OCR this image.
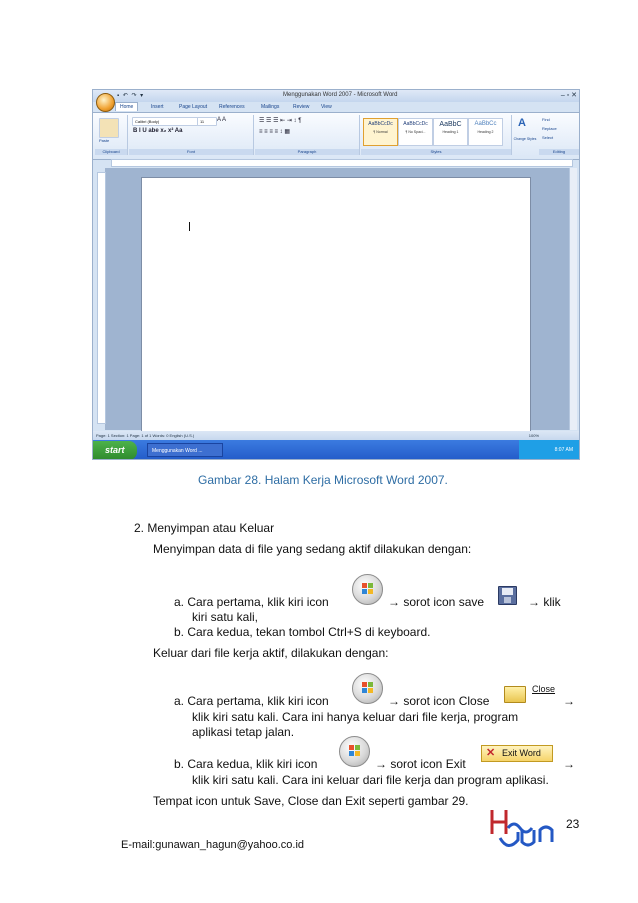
Menggunakan Word 2007 - Microsoft Word
▪ ↶ ↷ ▾	– ▫ ✕
Home	Insert	Page Layout	References	Mailings	Review	View
Paste
Clipboard
Calibri (Body)	11
B I U abe x₂ x² Aa
A A
Font
☰ ☰ ☰ ⇤ ⇥ ↕ ¶
≡ ≡ ≡ ≡ ↕ ▦
Paragraph
AaBbCcDc
¶ Normal
AaBbCcDc
¶ No Spaci...
AaBbC
Heading 1
AaBbCc
Heading 2
Styles
A
Change Styles
Find
Replace
Select
Editing
Page: 1 Section: 1 Page: 1 of 1 Words: 0 English (U.S.)	100%
start	Menggunakan Word ...	8:07 AM
Gambar 28. Halam Kerja Microsoft Word 2007.
2. Menyimpan atau Keluar
Menyimpan data di file yang sedang aktif dilakukan dengan:
a. Cara pertama, klik kiri icon	→ sorot icon save	→ klik
kiri satu kali,
b. Cara kedua, tekan tombol Ctrl+S di keyboard.
Keluar dari file kerja aktif, dilakukan dengan:
a. Cara pertama, klik kiri icon	→ sorot icon Close
Close
→
klik kiri satu kali. Cara ini hanya keluar dari file kerja, program
aplikasi tetap jalan.
b. Cara kedua, klik kiri icon	→ sorot icon Exit
✕ Exit Word
→
klik kiri satu kali. Cara ini keluar dari file kerja dan program aplikasi.
Tempat icon untuk Save, Close dan Exit seperti gambar 29.
23
E-mail:gunawan_hagun@yahoo.co.id
